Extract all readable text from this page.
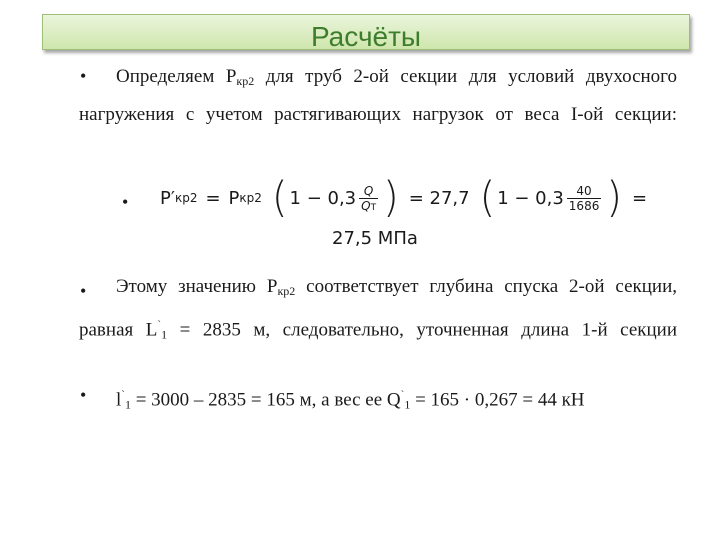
Расчёты
•	Определяем $P_{кр2}$ для труб 2-ой секции для условий двухосного нагружения с учетом растягивающих нагрузок от веса I-ой секции:
• P′ кр2 = P кр2 ( $1 - 0,3 \frac{Q}{QT}$ ) = 27,7 ( $1 - 0,3 \frac{40}{1686}$ ) =
27,5 МПа
•	Этому значению $P_{кр2}$ соответствует глубина спуска 2-ой секции, равная $L^`_1 = 2835$ м, следовательно, уточненная длина 1-й секции
•	$l^`_1 = 3000 - 2835 = 165$ м, а вес ее $Q^`_1 = 165 \cdot 0,267 = 44$ кН
